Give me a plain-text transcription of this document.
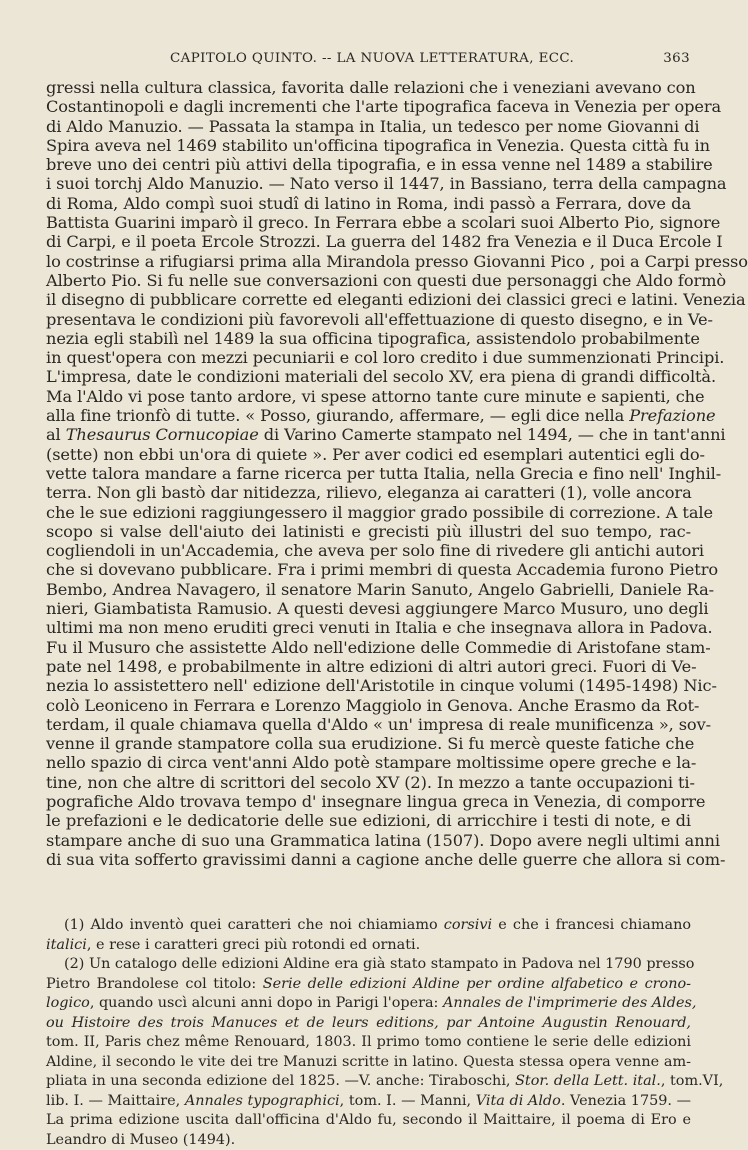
CAPITOLO QUINTO. -- LA NUOVA LETTERATURA, ECC.	363
gressi nella cultura classica, favorita dalle relazioni che i veneziani avevano con
Costantinopoli e dagli incrementi che l'arte tipografica faceva in Venezia per opera
di Aldo Manuzio. — Passata la stampa in Italia, un tedesco per nome Giovanni di
Spira aveva nel 1469 stabilito un'officina tipografica in Venezia. Questa città fu in
breve uno dei centri più attivi della tipografia, e in essa venne nel 1489 a stabilire
i suoi torchj Aldo Manuzio. — Nato verso il 1447, in Bassiano, terra della campagna
di Roma, Aldo compì suoi studî di latino in Roma, indi passò a Ferrara, dove da
Battista Guarini imparò il greco. In Ferrara ebbe a scolari suoi Alberto Pio, signore
di Carpi, e il poeta Ercole Strozzi. La guerra del 1482 fra Venezia e il Duca Ercole I
lo costrinse a rifugiarsi prima alla Mirandola presso Giovanni Pico , poi a Carpi presso
Alberto Pio. Si fu nelle sue conversazioni con questi due personaggi che Aldo formò
il disegno di pubblicare corrette ed eleganti edizioni dei classici greci e latini. Venezia
presentava le condizioni più favorevoli all'effettuazione di questo disegno, e in Ve-
nezia egli stabilì nel 1489 la sua officina tipografica, assistendolo probabilmente
in quest'opera con mezzi pecuniarii e col loro credito i due summenzionati Principi.
L'impresa, date le condizioni materiali del secolo XV, era piena di grandi difficoltà.
Ma l'Aldo vi pose tanto ardore, vi spese attorno tante cure minute e sapienti, che
alla fine trionfò di tutte. « Posso, giurando, affermare, — egli dice nella Prefazione
al Thesaurus Cornucopiae di Varino Camerte stampato nel 1494, — che in tant'anni
(sette) non ebbi un'ora di quiete ». Per aver codici ed esemplari autentici egli do-
vette talora mandare a farne ricerca per tutta Italia, nella Grecia e fino nell' Inghil-
terra. Non gli bastò dar nitidezza, rilievo, eleganza ai caratteri (1), volle ancora
che le sue edizioni raggiungessero il maggior grado possibile di correzione. A tale
scopo si valse dell'aiuto dei latinisti e grecisti più illustri del suo tempo, rac-
cogliendoli in un'Accademia, che aveva per solo fine di rivedere gli antichi autori
che si dovevano pubblicare. Fra i primi membri di questa Accademia furono Pietro
Bembo, Andrea Navagero, il senatore Marin Sanuto, Angelo Gabrielli, Daniele Ra-
nieri, Giambatista Ramusio. A questi devesi aggiungere Marco Musuro, uno degli
ultimi ma non meno eruditi greci venuti in Italia e che insegnava allora in Padova.
Fu il Musuro che assistette Aldo nell'edizione delle Commedie di Aristofane stam-
pate nel 1498, e probabilmente in altre edizioni di altri autori greci. Fuori di Ve-
nezia lo assistettero nell' edizione dell'Aristotile in cinque volumi (1495-1498) Nic-
colò Leoniceno in Ferrara e Lorenzo Maggiolo in Genova. Anche Erasmo da Rot-
terdam, il quale chiamava quella d'Aldo « un' impresa di reale munificenza », sov-
venne il grande stampatore colla sua erudizione. Si fu mercè queste fatiche che
nello spazio di circa vent'anni Aldo potè stampare moltissime opere greche e la-
tine, non che altre di scrittori del secolo XV (2). In mezzo a tante occupazioni ti-
pografiche Aldo trovava tempo d' insegnare lingua greca in Venezia, di comporre
le prefazioni e le dedicatorie delle sue edizioni, di arricchire i testi di note, e di
stampare anche di suo una Grammatica latina (1507). Dopo avere negli ultimi anni
di sua vita sofferto gravissimi danni a cagione anche delle guerre che allora si com-
(1) Aldo inventò quei caratteri che noi chiamiamo corsivi e che i francesi chiamano
italici, e rese i caratteri greci più rotondi ed ornati.
(2) Un catalogo delle edizioni Aldine era già stato stampato in Padova nel 1790 presso
Pietro Brandolese col titolo: Serie delle edizioni Aldine per ordine alfabetico e crono-
logico, quando uscì alcuni anni dopo in Parigi l'opera: Annales de l'imprimerie des Aldes,
ou Histoire des trois Manuces et de leurs editions, par Antoine Augustin Renouard,
tom. II, Paris chez même Renouard, 1803. Il primo tomo contiene le serie delle edizioni
Aldine, il secondo le vite dei tre Manuzi scritte in latino. Questa stessa opera venne am-
pliata in una seconda edizione del 1825. —V. anche: Tiraboschi, Stor. della Lett. ital., tom.VI,
lib. I. — Maittaire, Annales typographici, tom. I. — Manni, Vita di Aldo. Venezia 1759. —
La prima edizione uscita dall'officina d'Aldo fu, secondo il Maittaire, il poema di Ero e
Leandro di Museo (1494).
